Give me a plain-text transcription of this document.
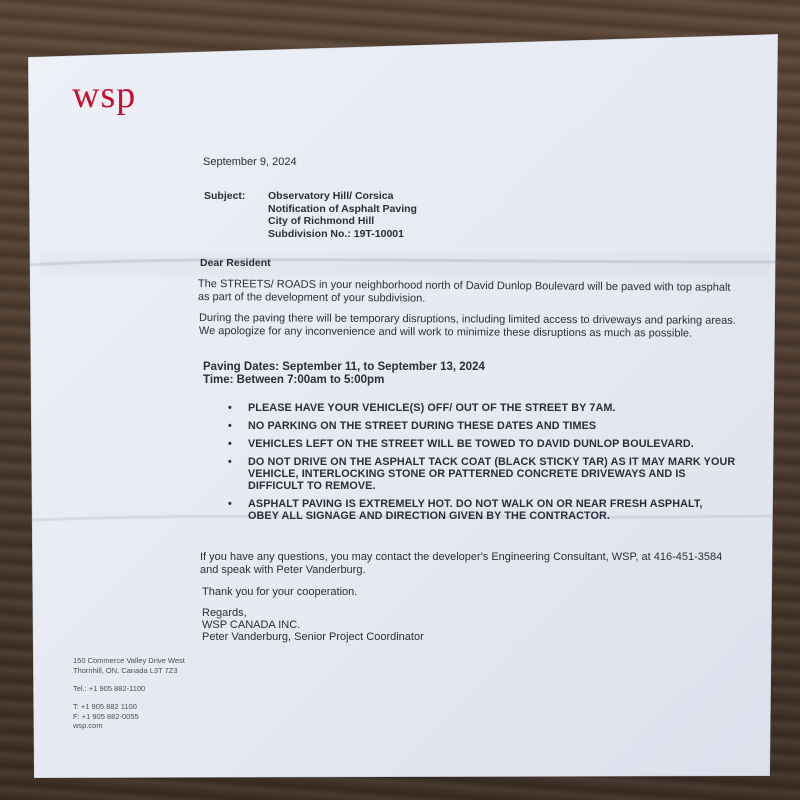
wsp
September 9, 2024
Subject: Observatory Hill/ Corsica
Notification of Asphalt Paving
City of Richmond Hill
Subdivision No.: 19T-10001
Dear Resident
The STREETS/ ROADS in your neighborhood north of David Dunlop Boulevard will be paved with top asphalt as part of the development of your subdivision.
During the paving there will be temporary disruptions, including limited access to driveways and parking areas. We apologize for any inconvenience and will work to minimize these disruptions as much as possible.
Paving Dates: September 11, to September 13, 2024
Time: Between 7:00am to 5:00pm
• PLEASE HAVE YOUR VEHICLE(S) OFF/ OUT OF THE STREET BY 7AM.
• NO PARKING ON THE STREET DURING THESE DATES AND TIMES
• VEHICLES LEFT ON THE STREET WILL BE TOWED TO DAVID DUNLOP BOULEVARD.
• DO NOT DRIVE ON THE ASPHALT TACK COAT (BLACK STICKY TAR) AS IT MAY MARK YOUR VEHICLE, INTERLOCKING STONE OR PATTERNED CONCRETE DRIVEWAYS AND IS DIFFICULT TO REMOVE.
• ASPHALT PAVING IS EXTREMELY HOT. DO NOT WALK ON OR NEAR FRESH ASPHALT, OBEY ALL SIGNAGE AND DIRECTION GIVEN BY THE CONTRACTOR.
If you have any questions, you may contact the developer's Engineering Consultant, WSP, at 416-451-3584 and speak with Peter Vanderburg.
Thank you for your cooperation.
Regards,
WSP CANADA INC.
Peter Vanderburg, Senior Project Coordinator
150 Commerce Valley Drive West
Thornhill, ON, Canada L3T 7Z3
Tel.: +1 905 882-1100
T: +1 905 882 1100
F: +1 905 882-0055
wsp.com
